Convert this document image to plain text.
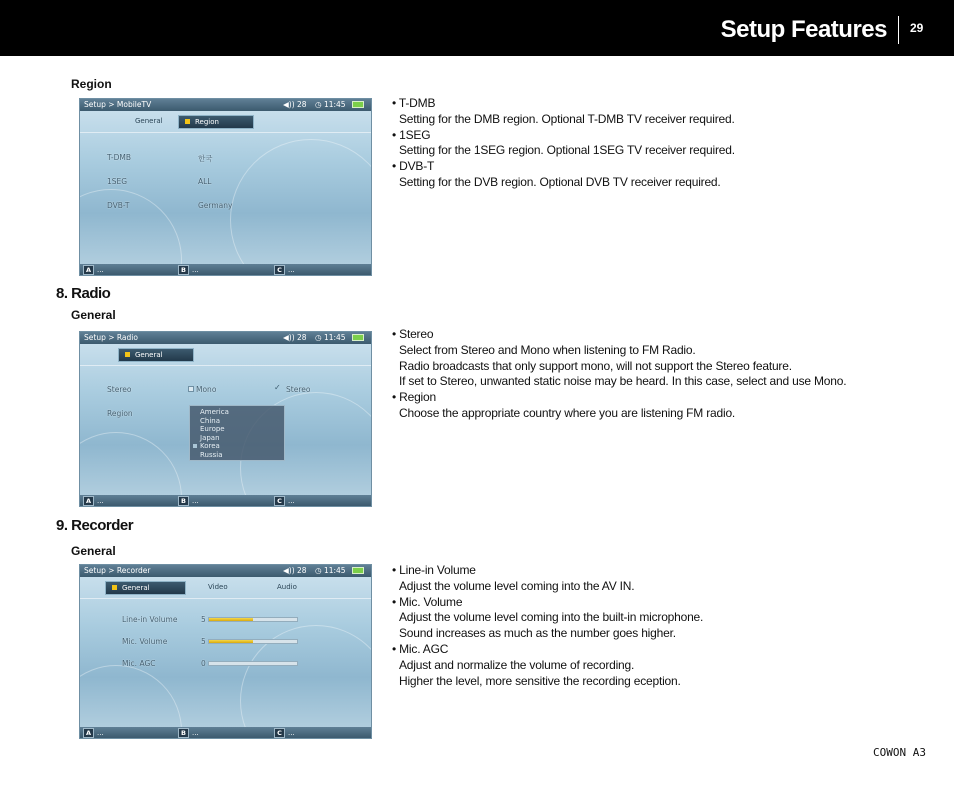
Setup Features 29
Region
Setup > MobileTV	◀)) 28 ◷ 11:45
General	Region
T-DMB	한국
1SEG	ALL
DVB-T	Germany
A ...	B ...	C ...
• T-DMB
Setting for the DMB region. Optional T-DMB TV receiver required.
• 1SEG
Setting for the 1SEG region. Optional 1SEG TV receiver required.
• DVB-T
Setting for the DVB region. Optional DVB TV receiver required.
8. Radio
General
Setup > Radio	◀)) 28 ◷ 11:45
General
Stereo	Mono	✓ Stereo
Region	America
China
Europe
Japan
Korea
Russia
A ...	B ...	C ...
• Stereo
Select from Stereo and Mono when listening to FM Radio.
Radio broadcasts that only support mono, will not support the Stereo feature.
If set to Stereo, unwanted static noise may be heard. In this case, select and use Mono.
• Region
Choose the appropriate country where you are listening FM radio.
9. Recorder
General
Setup > Recorder	◀)) 28 ◷ 11:45
General	Video	Audio
Line-in Volume	5
Mic. Volume	5
Mic. AGC	0
A ...	B ...	C ...
• Line-in Volume
Adjust the volume level coming into the AV IN.
• Mic. Volume
Adjust the volume level coming into the built-in microphone.
Sound increases as much as the number goes higher.
• Mic. AGC
Adjust and normalize the volume of recording.
Higher the level, more sensitive the recording eception.
COWON A3
